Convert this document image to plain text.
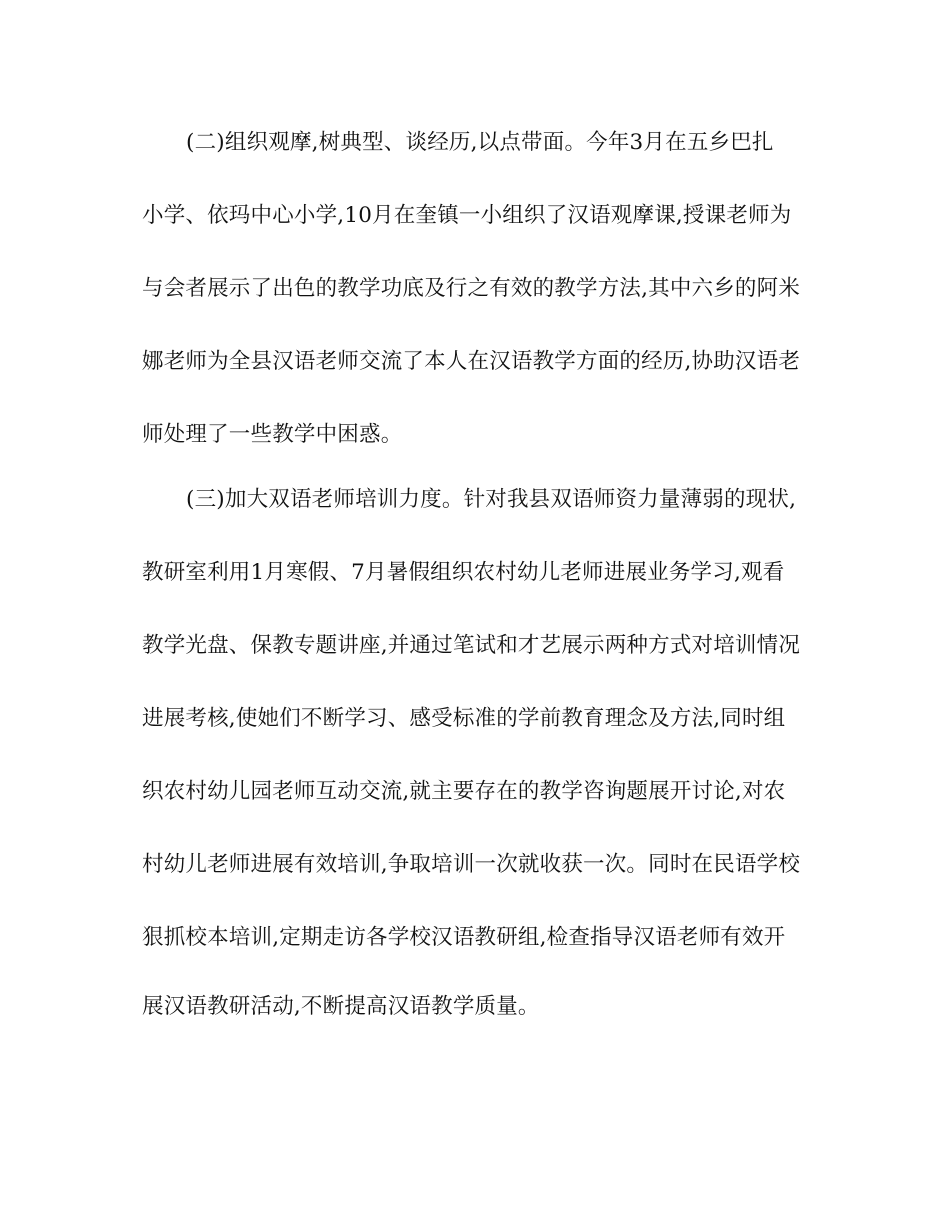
(二)组织观摩,树典型、谈经历,以点带面。今年3月在五乡巴扎
小学、依玛中心小学,10月在奎镇一小组织了汉语观摩课,授课老师为
与会者展示了出色的教学功底及行之有效的教学方法,其中六乡的阿米
娜老师为全县汉语老师交流了本人在汉语教学方面的经历,协助汉语老
师处理了一些教学中困惑。
(三)加大双语老师培训力度。针对我县双语师资力量薄弱的现状,
教研室利用1月寒假、7月暑假组织农村幼儿老师进展业务学习,观看
教学光盘、保教专题讲座,并通过笔试和才艺展示两种方式对培训情况
进展考核,使她们不断学习、感受标准的学前教育理念及方法,同时组
织农村幼儿园老师互动交流,就主要存在的教学咨询题展开讨论,对农
村幼儿老师进展有效培训,争取培训一次就收获一次。同时在民语学校
狠抓校本培训,定期走访各学校汉语教研组,检查指导汉语老师有效开
展汉语教研活动,不断提高汉语教学质量。
